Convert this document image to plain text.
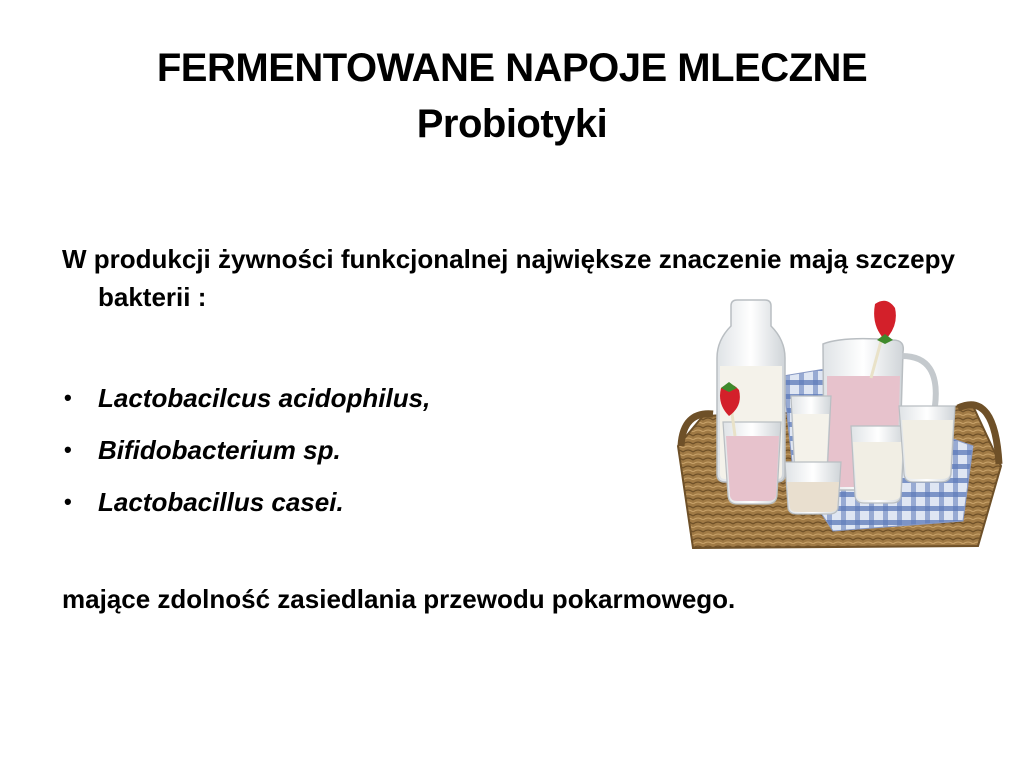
FERMENTOWANE NAPOJE MLECZNE
Probiotyki
W produkcji żywności funkcjonalnej największe znaczenie mają szczepy bakterii :
• Lactobacilcus acidophilus,
• Bifidobacterium sp.
• Lactobacillus casei.
mające zdolność zasiedlania przewodu pokarmowego.
